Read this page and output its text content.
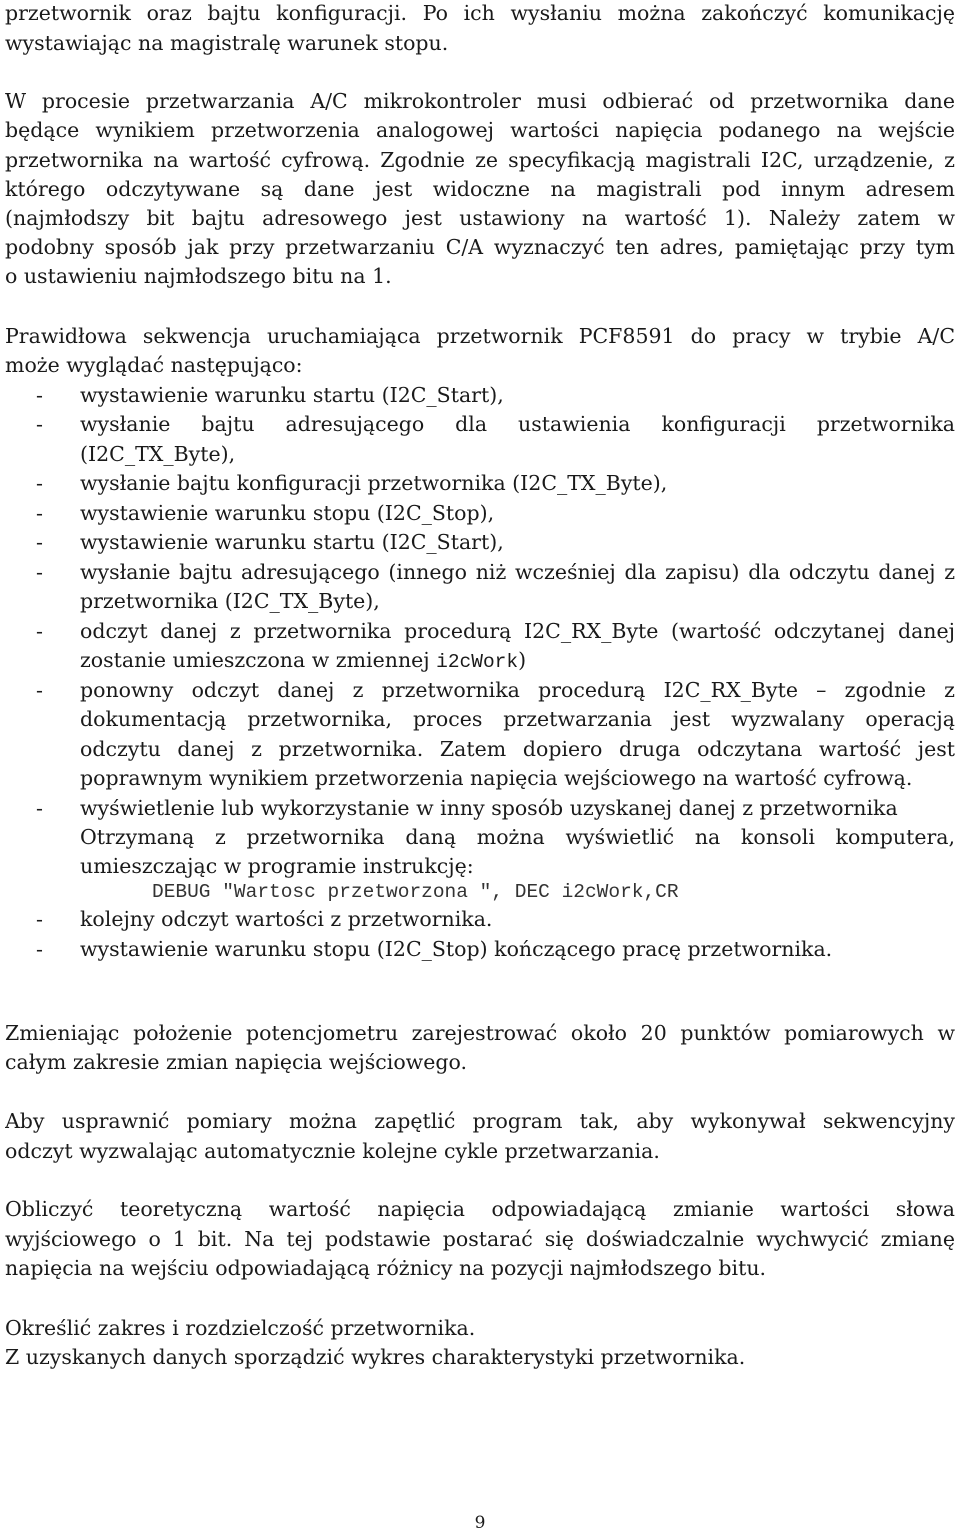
przetwornik oraz bajtu konfiguracji. Po ich wysłaniu można zakończyć komunikację
wystawiając na magistralę warunek stopu.
W procesie przetwarzania A/C mikrokontroler musi odbierać od przetwornika dane
będące wynikiem przetworzenia analogowej wartości napięcia podanego na wejście
przetwornika na wartość cyfrową. Zgodnie ze specyfikacją magistrali I2C, urządzenie, z
którego odczytywane są dane jest widoczne na magistrali pod innym adresem
(najmłodszy bit bajtu adresowego jest ustawiony na wartość 1). Należy zatem w
podobny sposób jak przy przetwarzaniu C/A wyznaczyć ten adres, pamiętając przy tym
o ustawieniu najmłodszego bitu na 1.
Prawidłowa sekwencja uruchamiająca przetwornik PCF8591 do pracy w trybie A/C
może wyglądać następująco:
-	wystawienie warunku startu (I2C_Start),
-	wysłanie bajtu adresującego dla ustawienia konfiguracji przetwornika
(I2C_TX_Byte),
-	wysłanie bajtu konfiguracji przetwornika (I2C_TX_Byte),
-	wystawienie warunku stopu (I2C_Stop),
-	wystawienie warunku startu (I2C_Start),
-	wysłanie bajtu adresującego (innego niż wcześniej dla zapisu) dla odczytu danej z
przetwornika (I2C_TX_Byte),
-	odczyt danej z przetwornika procedurą I2C_RX_Byte (wartość odczytanej danej
zostanie umieszczona w zmiennej i2cWork)
-	ponowny odczyt danej z przetwornika procedurą I2C_RX_Byte – zgodnie z
dokumentacją przetwornika, proces przetwarzania jest wyzwalany operacją
odczytu danej z przetwornika. Zatem dopiero druga odczytana wartość jest
poprawnym wynikiem przetworzenia napięcia wejściowego na wartość cyfrową.
-	wyświetlenie lub wykorzystanie w inny sposób uzyskanej danej z przetwornika
Otrzymaną z przetwornika daną można wyświetlić na konsoli komputera,
umieszczając w programie instrukcję:
DEBUG "Wartosc przetworzona ", DEC i2cWork,CR
-	kolejny odczyt wartości z przetwornika.
-	wystawienie warunku stopu (I2C_Stop) kończącego pracę przetwornika.
Zmieniając położenie potencjometru zarejestrować około 20 punktów pomiarowych w
całym zakresie zmian napięcia wejściowego.
Aby usprawnić pomiary można zapętlić program tak, aby wykonywał sekwencyjny
odczyt wyzwalając automatycznie kolejne cykle przetwarzania.
Obliczyć teoretyczną wartość napięcia odpowiadającą zmianie wartości słowa
wyjściowego o 1 bit. Na tej podstawie postarać się doświadczalnie wychwycić zmianę
napięcia na wejściu odpowiadającą różnicy na pozycji najmłodszego bitu.
Określić zakres i rozdzielczość przetwornika.
Z uzyskanych danych sporządzić wykres charakterystyki przetwornika.
9
